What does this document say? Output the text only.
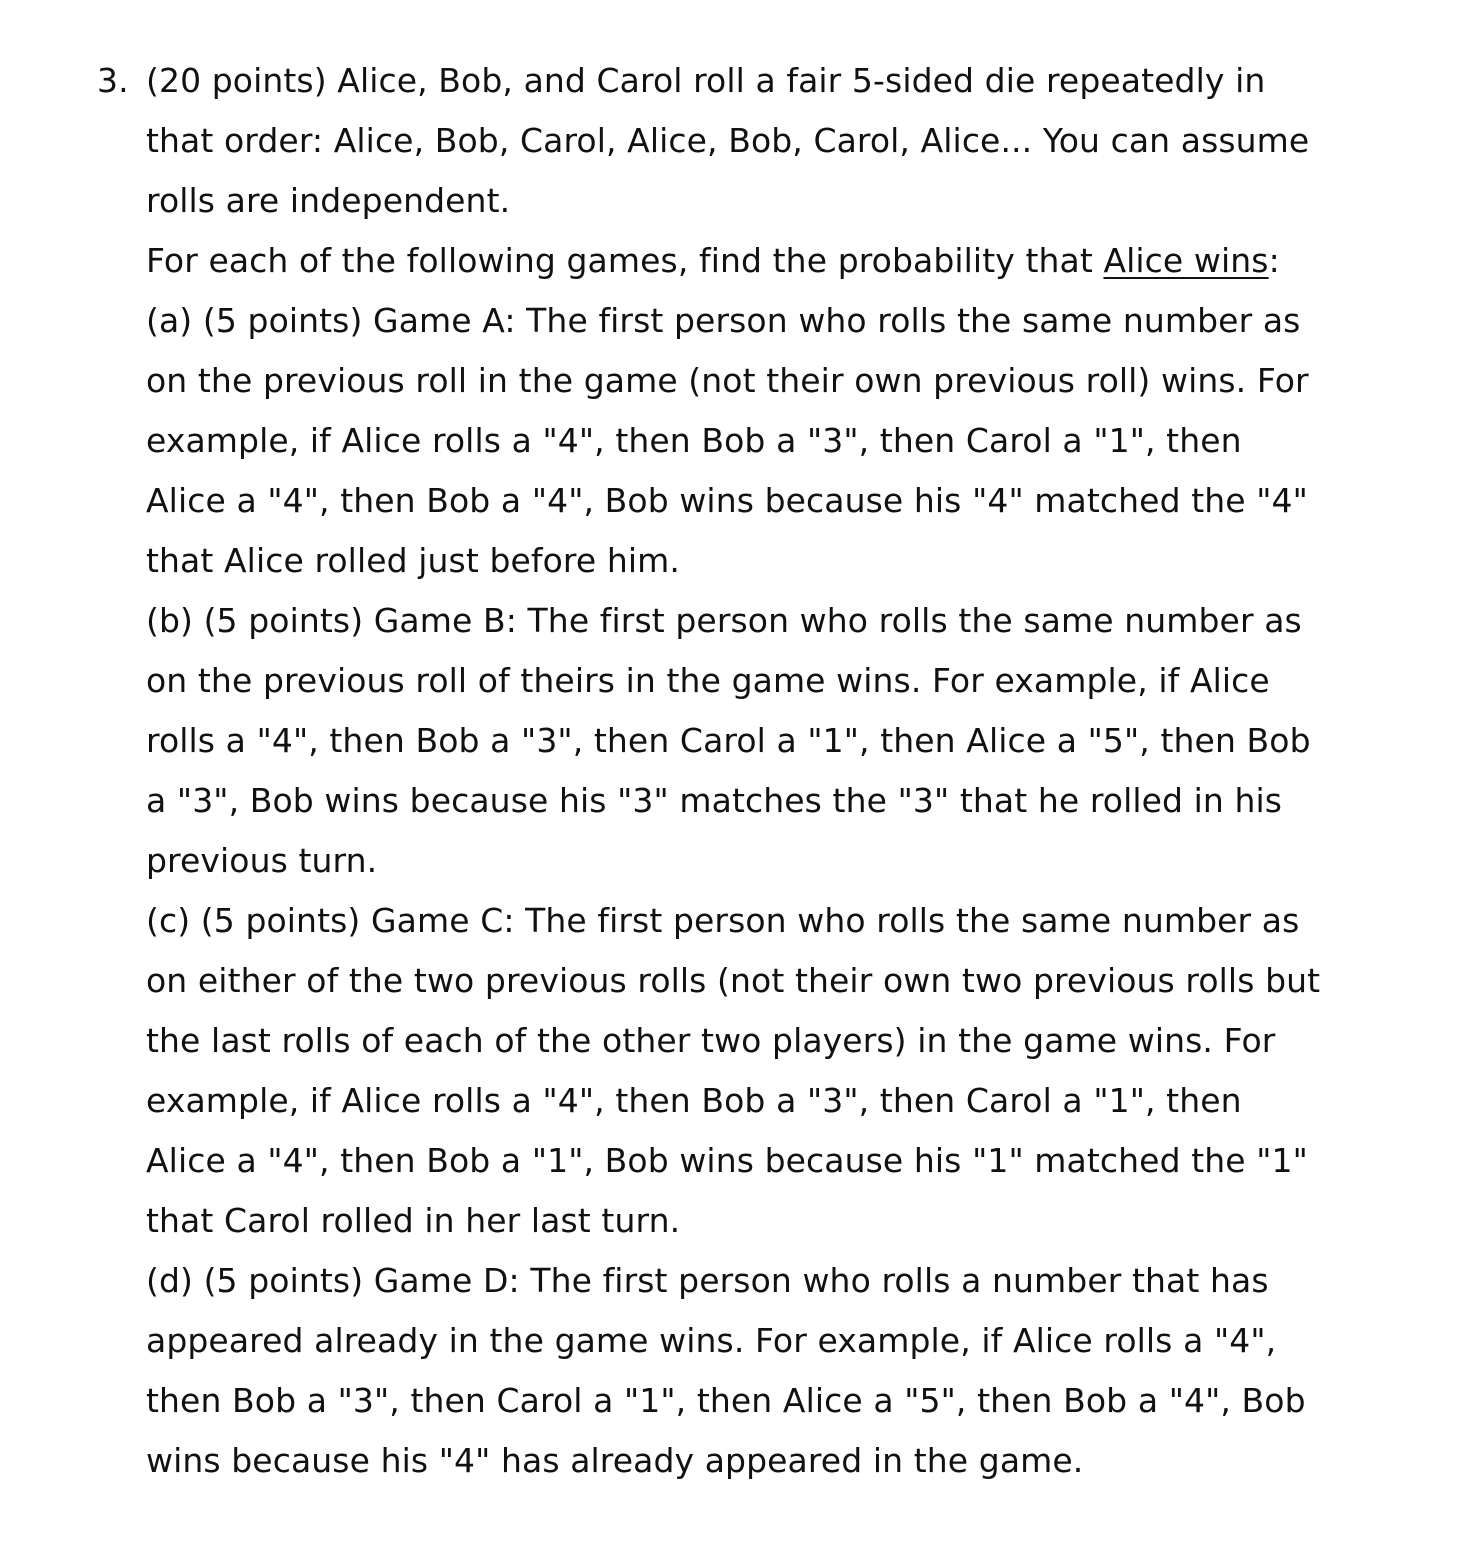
3. (20 points) Alice, Bob, and Carol roll a fair 5-sided die repeatedly in that order: Alice, Bob, Carol, Alice, Bob, Carol, Alice... You can assume rolls are independent.

For each of the following games, find the probability that Alice wins:

(a) (5 points) Game A: The first person who rolls the same number as on the previous roll in the game (not their own previous roll) wins. For example, if Alice rolls a "4", then Bob a "3", then Carol a "1", then Alice a "4", then Bob a "4", Bob wins because his "4" matched the "4" that Alice rolled just before him.

(b) (5 points) Game B: The first person who rolls the same number as on the previous roll of theirs in the game wins. For example, if Alice rolls a "4", then Bob a "3", then Carol a "1", then Alice a "5", then Bob a "3", Bob wins because his "3" matches the "3" that he rolled in his previous turn.

(c) (5 points) Game C: The first person who rolls the same number as on either of the two previous rolls (not their own two previous rolls but the last rolls of each of the other two players) in the game wins. For example, if Alice rolls a "4", then Bob a "3", then Carol a "1", then Alice a "4", then Bob a "1", Bob wins because his "1" matched the "1" that Carol rolled in her last turn.

(d) (5 points) Game D: The first person who rolls a number that has appeared already in the game wins. For example, if Alice rolls a "4", then Bob a "3", then Carol a "1", then Alice a "5", then Bob a "4", Bob wins because his "4" has already appeared in the game.
